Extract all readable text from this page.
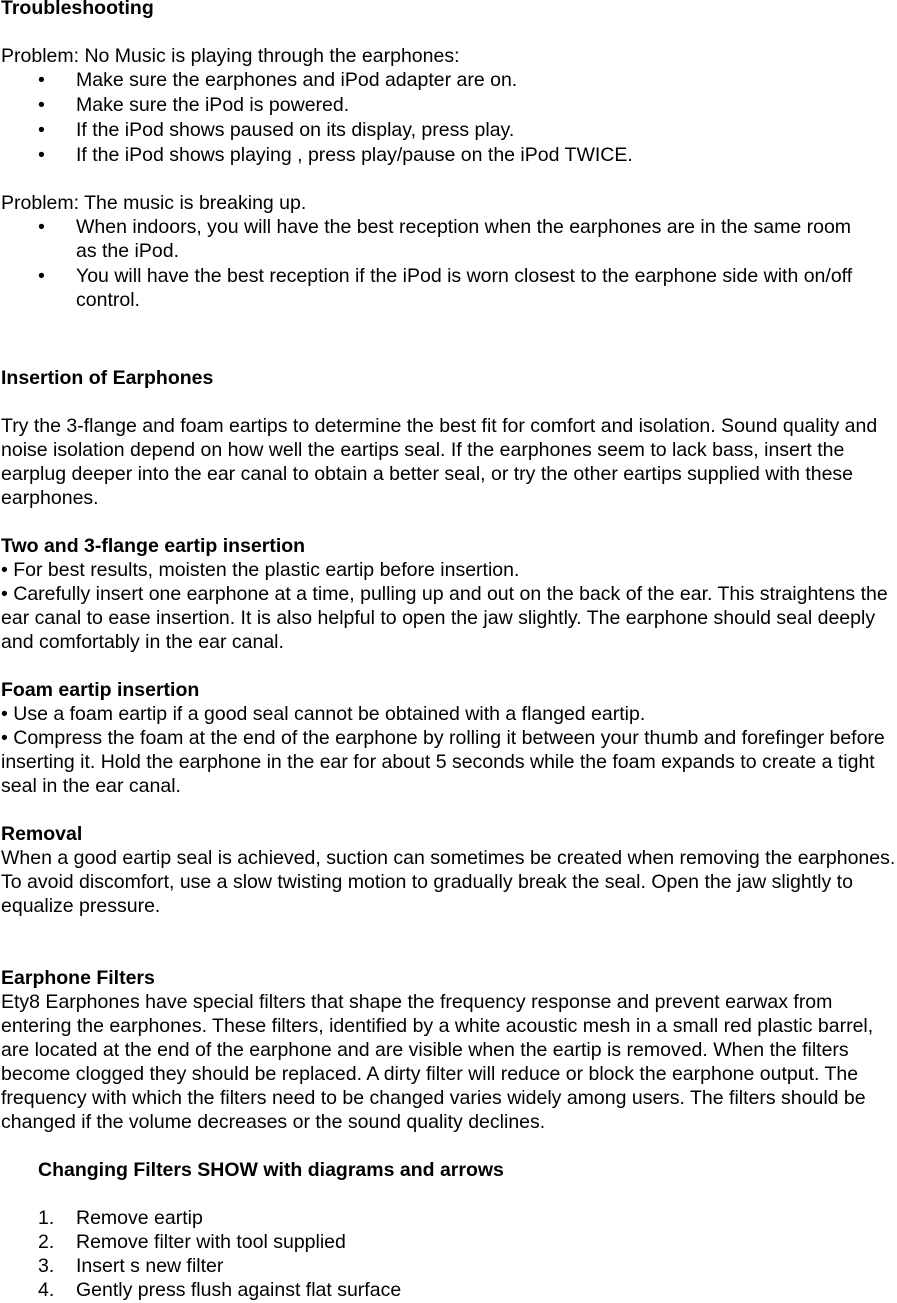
Troubleshooting

Problem: No Music is playing through the earphones:

• Make sure the earphones and iPod adapter are on.
• Make sure the iPod is powered.
• If the iPod shows paused on its display, press play.
• If the iPod shows playing , press play/pause on the iPod TWICE.

Problem: The music is breaking up.

• When indoors, you will have the best reception when the earphones are in the same room as the iPod.
• You will have the best reception if the iPod is worn closest to the earphone side with on/off control.

Insertion of Earphones

Try the 3-flange and foam eartips to determine the best fit for comfort and isolation. Sound quality and noise isolation depend on how well the eartips seal. If the earphones seem to lack bass, insert the earplug deeper into the ear canal to obtain a better seal, or try the other eartips supplied with these earphones.

Two and 3-flange eartip insertion

• For best results, moisten the plastic eartip before insertion.

• Carefully insert one earphone at a time, pulling up and out on the back of the ear. This straightens the ear canal to ease insertion. It is also helpful to open the jaw slightly. The earphone should seal deeply and comfortably in the ear canal.

Foam eartip insertion

• Use a foam eartip if a good seal cannot be obtained with a flanged eartip.

• Compress the foam at the end of the earphone by rolling it between your thumb and forefinger before inserting it. Hold the earphone in the ear for about 5 seconds while the foam expands to create a tight seal in the ear canal.

Removal

When a good eartip seal is achieved, suction can sometimes be created when removing the earphones. To avoid discomfort, use a slow twisting motion to gradually break the seal. Open the jaw slightly to equalize pressure.

Earphone Filters

Ety8 Earphones have special filters that shape the frequency response and prevent earwax from entering the earphones. These filters, identified by a white acoustic mesh in a small red plastic barrel, are located at the end of the earphone and are visible when the eartip is removed. When the filters become clogged they should be replaced. A dirty filter will reduce or block the earphone output. The frequency with which the filters need to be changed varies widely among users. The filters should be changed if the volume decreases or the sound quality declines.

Changing Filters SHOW with diagrams and arrows

1. Remove eartip
2. Remove filter with tool supplied
3. Insert s new filter
4. Gently press flush against flat surface
